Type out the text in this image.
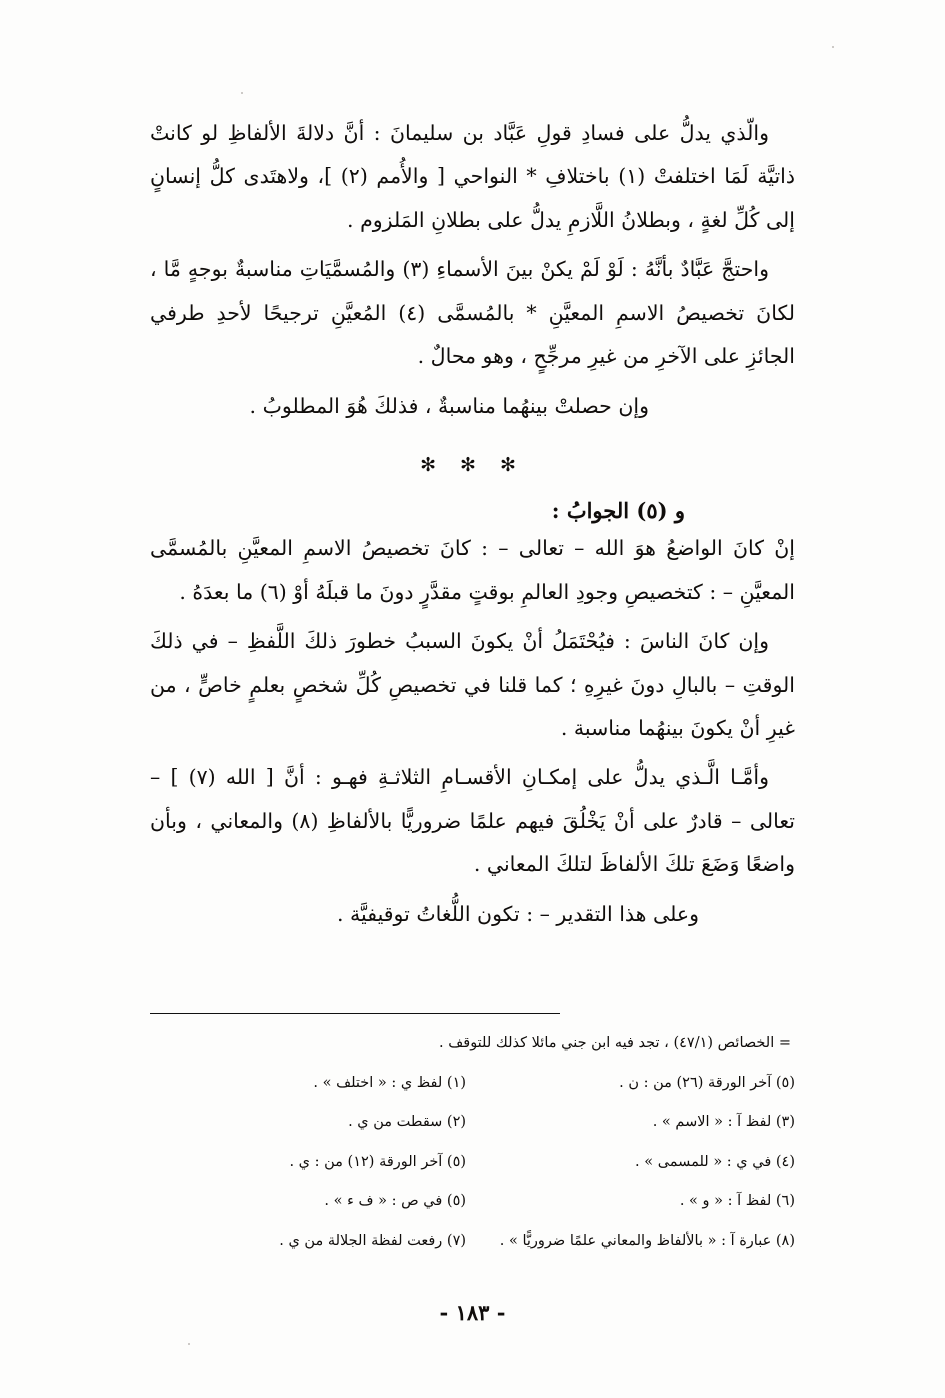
والّذي يدلُّ على فسادِ قولِ عَبَّاد بن سليمانَ : أنَّ دلالةَ الألفاظِ لو كانتْ ذاتيَّة لَمَا اختلفتْ (١) باختلافِ * النواحي [ والأُمم (٢) ]، ولاهتَدى كلُّ إنسانٍ إلى كُلِّ لغةٍ ، وبطلانُ اللَّازمِ يدلُّ على بطلانِ المَلزوم .

واحتجَّ عَبَّادٌ بأنَّهُ : لَوْ لَمْ يكنْ بينَ الأسماءِ (٣) والمُسمَّيَاتِ مناسبةٌ بوجهٍ مَّا ، لكانَ تخصيصُ الاسمِ المعيَّنِ * بالمُسمَّى (٤) المُعيَّنِ ترجيحًا لأحدِ طرفي الجائزِ على الآخرِ من غيرِ مرجِّحٍ ، وهو محالٌ .

وإن حصلتْ بينهُما مناسبةٌ ، فذلكَ هُوَ المطلوبُ .

✻ ✻ ✻
و (٥) الجوابُ :

إنْ كانَ الواضعُ هوَ الله – تعالى – : كانَ تخصيصُ الاسمِ المعيَّنِ بالمُسمَّى المعيَّنِ – : كتخصيصِ وجودِ العالمِ بوقتٍ مقدَّرٍ دونَ ما قبلَهُ أوْ (٦) ما بعدَهُ .

وإن كانَ الناسَ : فيُحْتَمَلُ أنْ يكونَ السببُ خطورَ ذلكَ اللَّفظِ – في ذلكَ الوقتِ – بالبالِ دونَ غيرِهِ ؛ كما قلنا في تخصيصِ كُلِّ شخصٍ بعلمٍ خاصٍّ ، من غيرِ أنْ يكونَ بينهُما مناسبة .

وأمَّـا الَّـذي يدلُّ على إمكـانِ الأقسـامِ الثلاثـةِ فهـو : أنَّ [ الله (٧) ] – تعالى – قادرٌ على أنْ يَخْلُقَ فيهم علمًا ضروريًّا بالألفاظِ (٨) والمعاني ، وبأن واضعًا وَضَعَ تلكَ الألفاظَ لتلكَ المعاني .

وعلى هذا التقدير – : تكون اللُّغاتُ توقيفيَّة .

= الخصائص (٤٧/١) ، تجد فيه ابن جني مائلا كذلك للتوقف .
(٥) آخر الورقة (٢٦) من : ن .
(٣) لفظ آ : « الاسم » .
(٤) في ي : « للمسمى » .
(٦) لفظ آ : « و » .
(٨) عبارة آ : « بالألفاظ والمعاني علمًا ضروريًّا » .
(١) لفظ ي : « اختلف » .
(٢) سقطت من ي .
(٥) آخر الورقة (١٢) من : ي .
(٥) في ص : « ف ء » .
(٧) رفعت لفظة الجلالة من ي .
- ١٨٣ -
